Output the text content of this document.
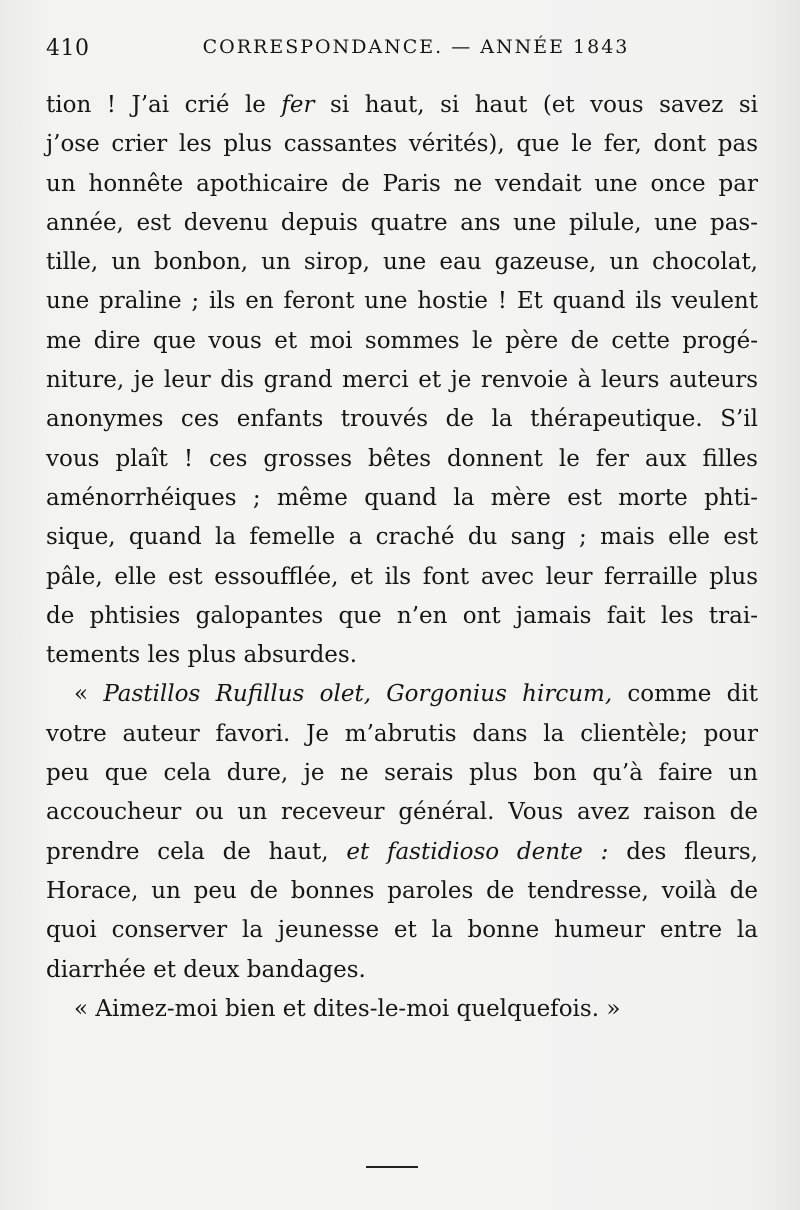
410	CORRESPONDANCE. — ANNÉE 1843
tion ! J’ai crié le fer si haut, si haut (et vous savez si
j’ose crier les plus cassantes vérités), que le fer, dont pas
un honnête apothicaire de Paris ne vendait une once par
année, est devenu depuis quatre ans une pilule, une pas-
tille, un bonbon, un sirop, une eau gazeuse, un chocolat,
une praline ; ils en feront une hostie ! Et quand ils veulent
me dire que vous et moi sommes le père de cette progé-
niture, je leur dis grand merci et je renvoie à leurs auteurs
anonymes ces enfants trouvés de la thérapeutique. S’il
vous plaît ! ces grosses bêtes donnent le fer aux filles
aménorrhéiques ; même quand la mère est morte phti-
sique, quand la femelle a craché du sang ; mais elle est
pâle, elle est essoufflée, et ils font avec leur ferraille plus
de phtisies galopantes que n’en ont jamais fait les trai-
tements les plus absurdes.
« Pastillos Rufillus olet, Gorgonius hircum, comme dit
votre auteur favori. Je m’abrutis dans la clientèle; pour
peu que cela dure, je ne serais plus bon qu’à faire un
accoucheur ou un receveur général. Vous avez raison de
prendre cela de haut, et fastidioso dente : des fleurs,
Horace, un peu de bonnes paroles de tendresse, voilà de
quoi conserver la jeunesse et la bonne humeur entre la
diarrhée et deux bandages.
« Aimez-moi bien et dites-le-moi quelquefois. »
